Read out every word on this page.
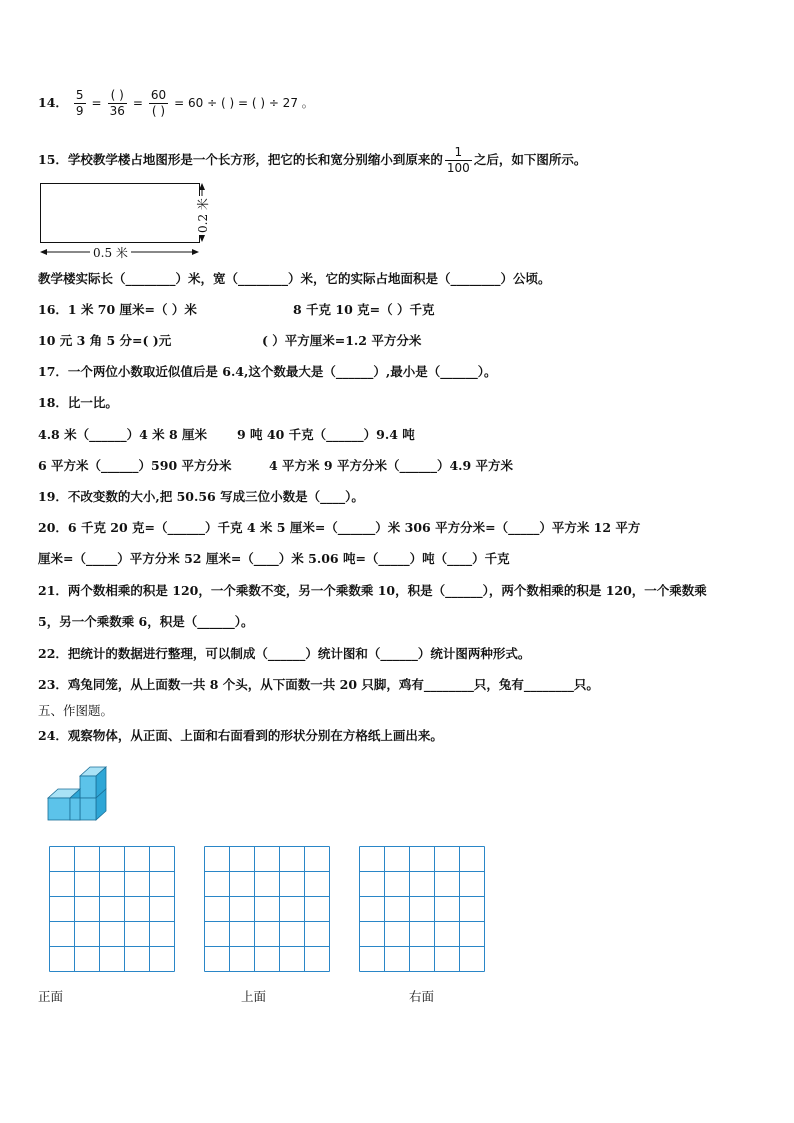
14． $\frac{5}{9} = \frac{( )}{36} = \frac{60}{( )} = 60$ ÷ ( ) = ( ) ÷ 27 。
15．学校教学楼占地图形是一个长方形，把它的长和宽分别缩小到原来的 $\frac{1}{100}$ 之后，如下图所示。
0.5 米
0.2 米
教学楼实际长（________）米，宽（________）米，它的实际占地面积是（________）公顷。
16．1 米 70 厘米=（ ）米	8 千克 10 克=（ ）千克
10 元 3 角 5 分=( )元	( ）平方厘米=1.2 平方分米
17．一个两位小数取近似值后是 6.4,这个数最大是（______）,最小是（______）。
18．比一比。
4.8 米（______）4 米 8 厘米 9 吨 40 千克（______）9.4 吨
6 平方米（______）590 平方分米	4 平方米 9 平方分米（______）4.9 平方米
19．不改变数的大小,把 50.56 写成三位小数是（____）。
20．6 千克 20 克=（______）千克 4 米 5 厘米=（______）米 306 平方分米=（_____）平方米 12 平方
厘米=（_____）平方分米 52 厘米=（____）米 5.06 吨=（_____）吨（____）千克
21．两个数相乘的积是 120，一个乘数不变，另一个乘数乘 10，积是（______），两个数相乘的积是 120，一个乘数乘
5，另一个乘数乘 6，积是（______）。
22．把统计的数据进行整理，可以制成（______）统计图和（______）统计图两种形式。
23．鸡兔同笼，从上面数一共 8 个头，从下面数一共 20 只脚，鸡有________只，兔有________只。
五、作图题。
24．观察物体，从正面、上面和右面看到的形状分别在方格纸上画出来。
正面	上面	右面
